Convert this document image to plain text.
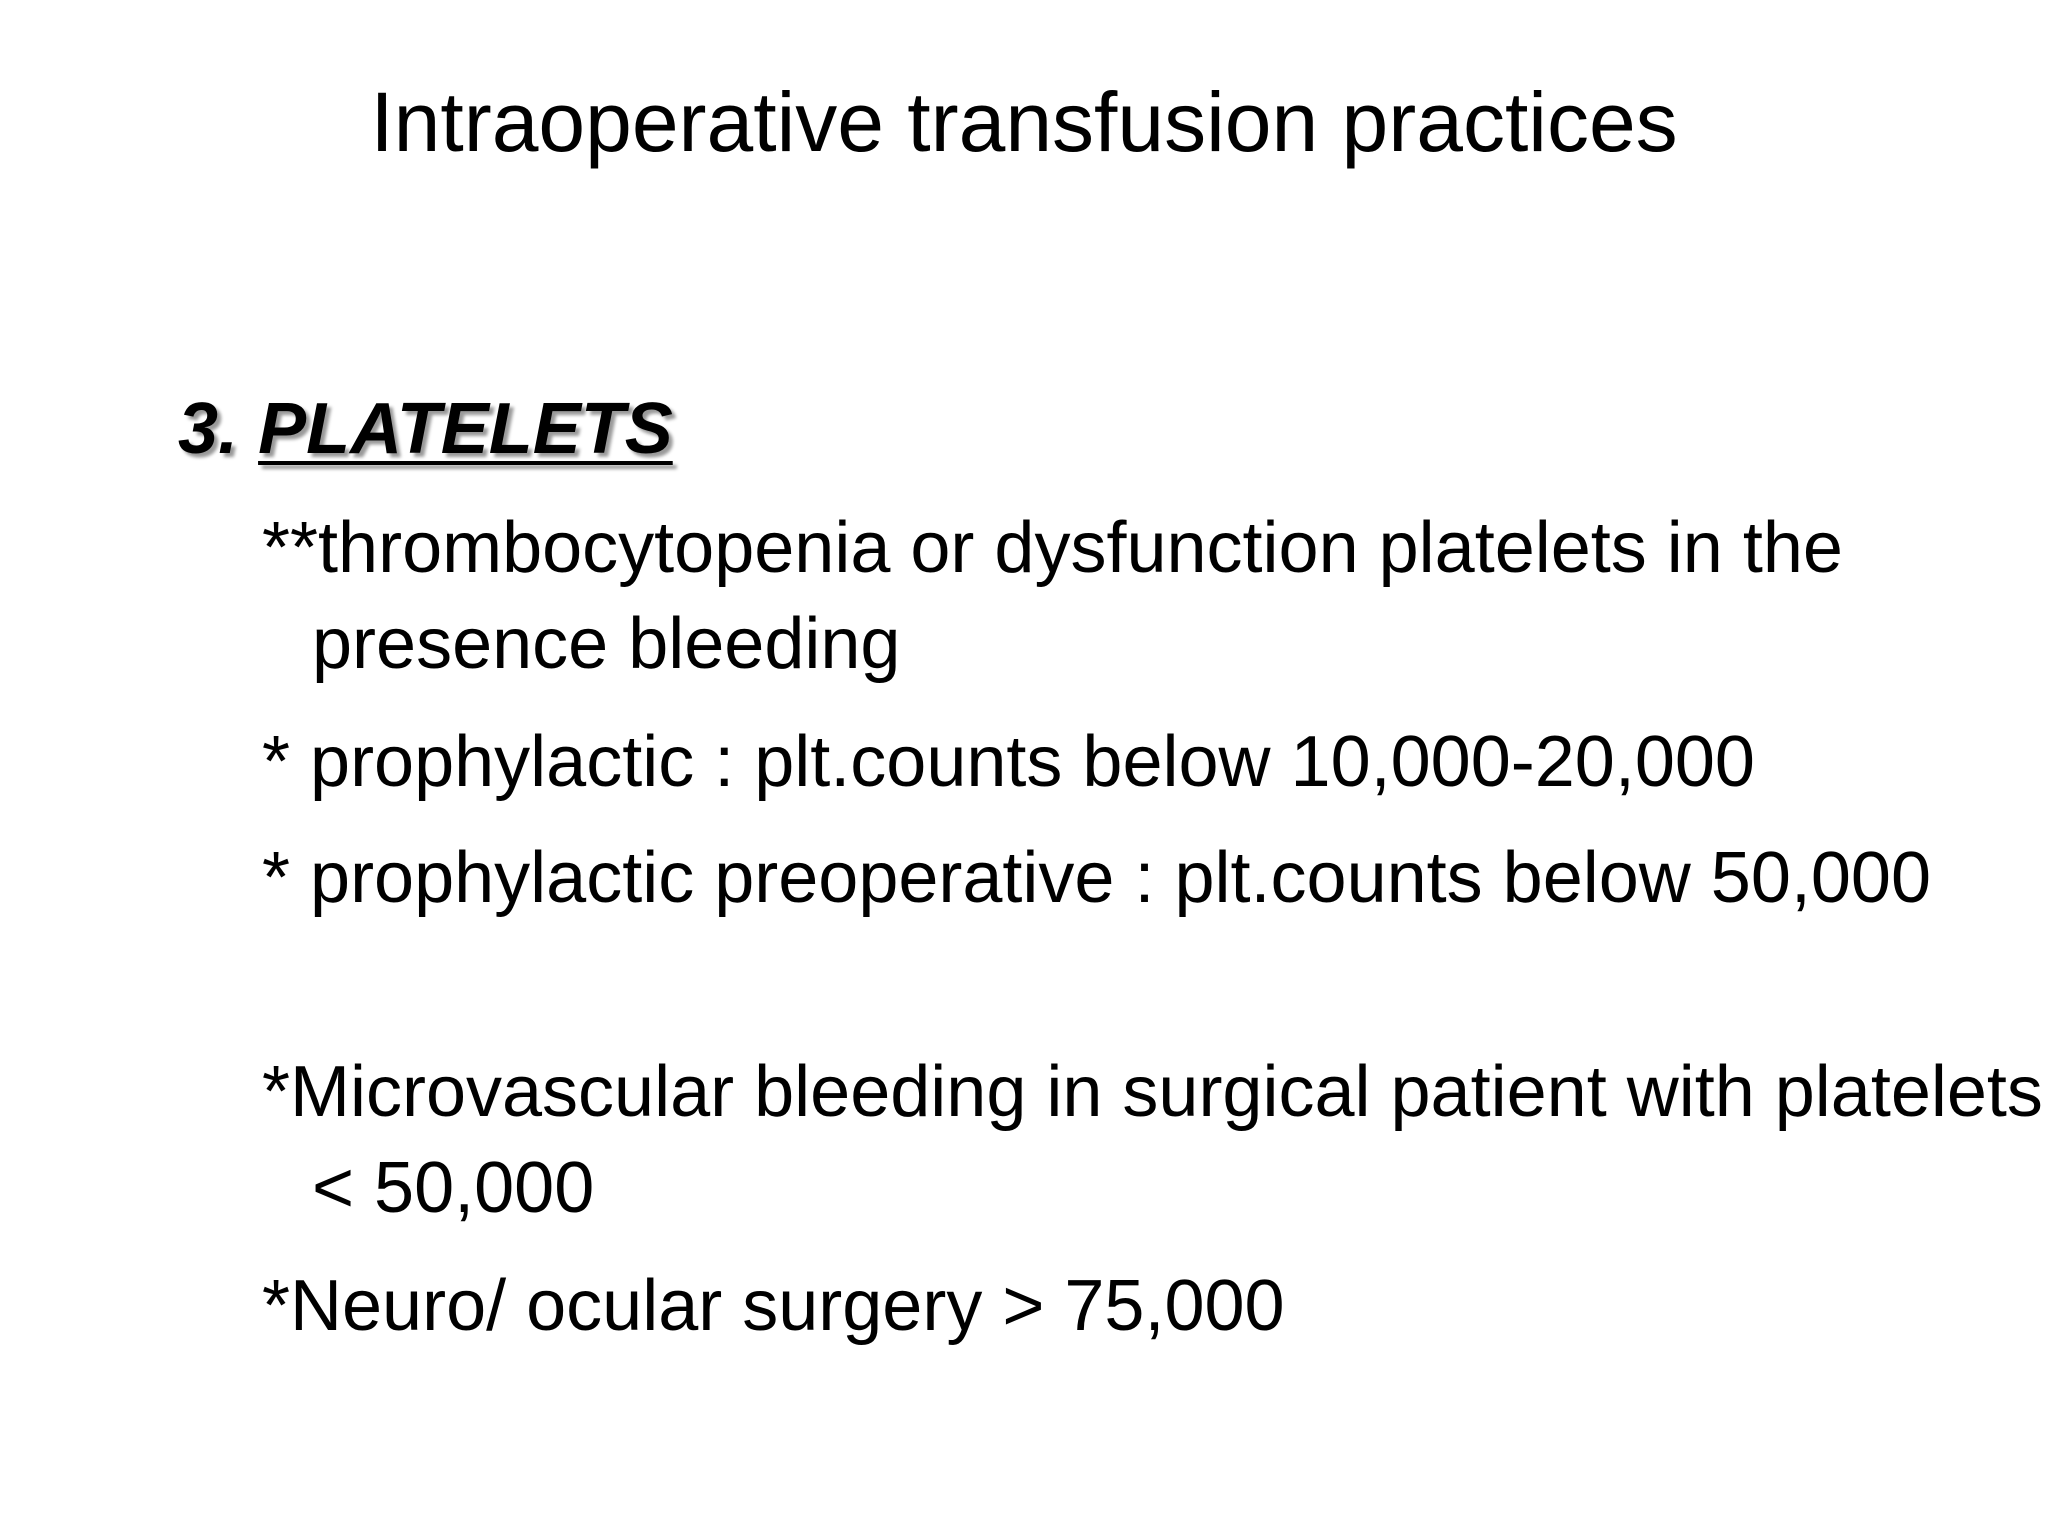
Intraoperative transfusion practices
3. PLATELETS
**thrombocytopenia or dysfunction platelets in the presence bleeding
* prophylactic : plt.counts below 10,000-20,000
* prophylactic preoperative : plt.counts below 50,000
*Microvascular bleeding in surgical patient with platelets < 50,000
*Neuro/ ocular surgery > 75,000
